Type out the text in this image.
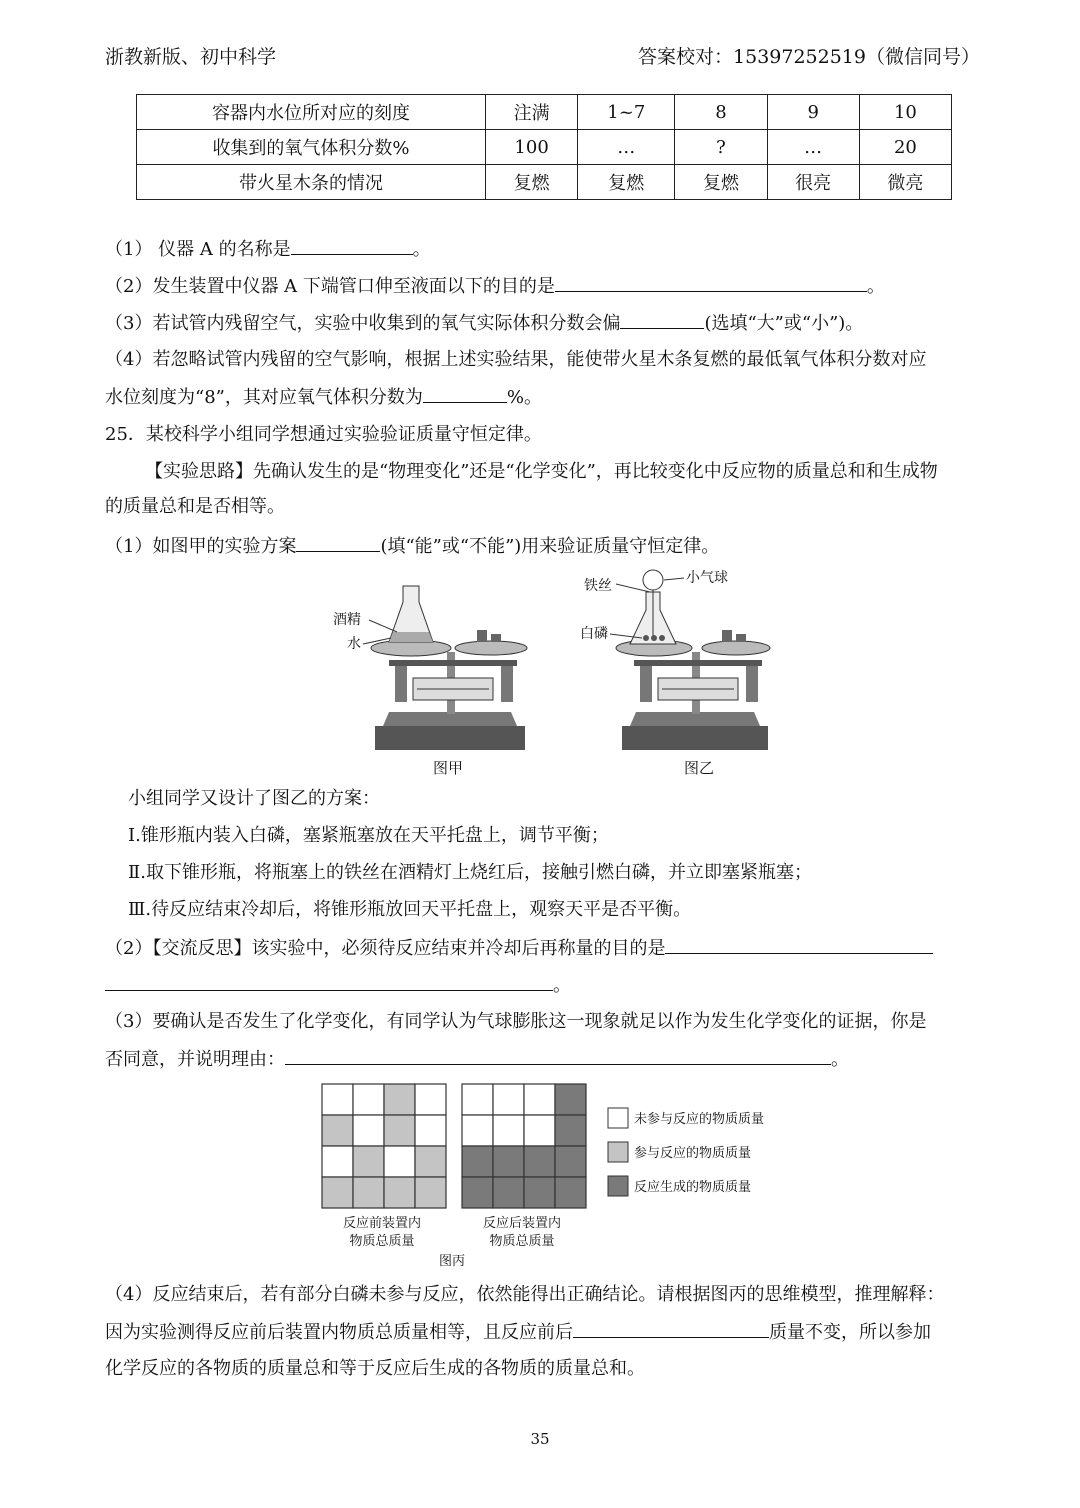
浙教新版、初中科学	答案校对：15397252519（微信同号）
容器内水位所对应的刻度	注满	1~7	8	9	10
收集到的氧气体积分数%	100	…	?	…	20
带火星木条的情况	复燃	复燃	复燃	很亮	微亮
（1） 仪器 A 的名称是	。
（2）发生装置中仪器 A 下端管口伸至液面以下的目的是	。
（3）若试管内残留空气，实验中收集到的氧气实际体积分数会偏	(选填“大”或“小”)。
（4）若忽略试管内残留的空气影响，根据上述实验结果，能使带火星木条复燃的最低氧气体积分数对应
水位刻度为“8”，其对应氧气体积分数为	%。
25．某校科学小组同学想通过实验验证质量守恒定律。
【实验思路】先确认发生的是“物理变化”还是“化学变化”，再比较变化中反应物的质量总和和生成物
的质量总和是否相等。
（1）如图甲的实验方案	(填“能”或“不能”)用来验证质量守恒定律。
酒精
水
图甲
铁丝	小气球
白磷
图乙
小组同学又设计了图乙的方案：
Ⅰ.锥形瓶内装入白磷，塞紧瓶塞放在天平托盘上，调节平衡；
Ⅱ.取下锥形瓶，将瓶塞上的铁丝在酒精灯上烧红后，接触引燃白磷，并立即塞紧瓶塞；
Ⅲ.待反应结束冷却后，将锥形瓶放回天平托盘上，观察天平是否平衡。
（2）【交流反思】该实验中，必须待反应结束并冷却后再称量的目的是
。
（3）要确认是否发生了化学变化，有同学认为气球膨胀这一现象就足以作为发生化学变化的证据，你是
否同意，并说明理由：	。
反应前装置内
物质总质量
反应后装置内
物质总质量
图丙
未参与反应的物质质量
参与反应的物质质量
反应生成的物质质量
（4）反应结束后，若有部分白磷未参与反应，依然能得出正确结论。请根据图丙的思维模型，推理解释：
因为实验测得反应前后装置内物质总质量相等，且反应前后	质量不变，所以参加
化学反应的各物质的质量总和等于反应后生成的各物质的质量总和。
35
